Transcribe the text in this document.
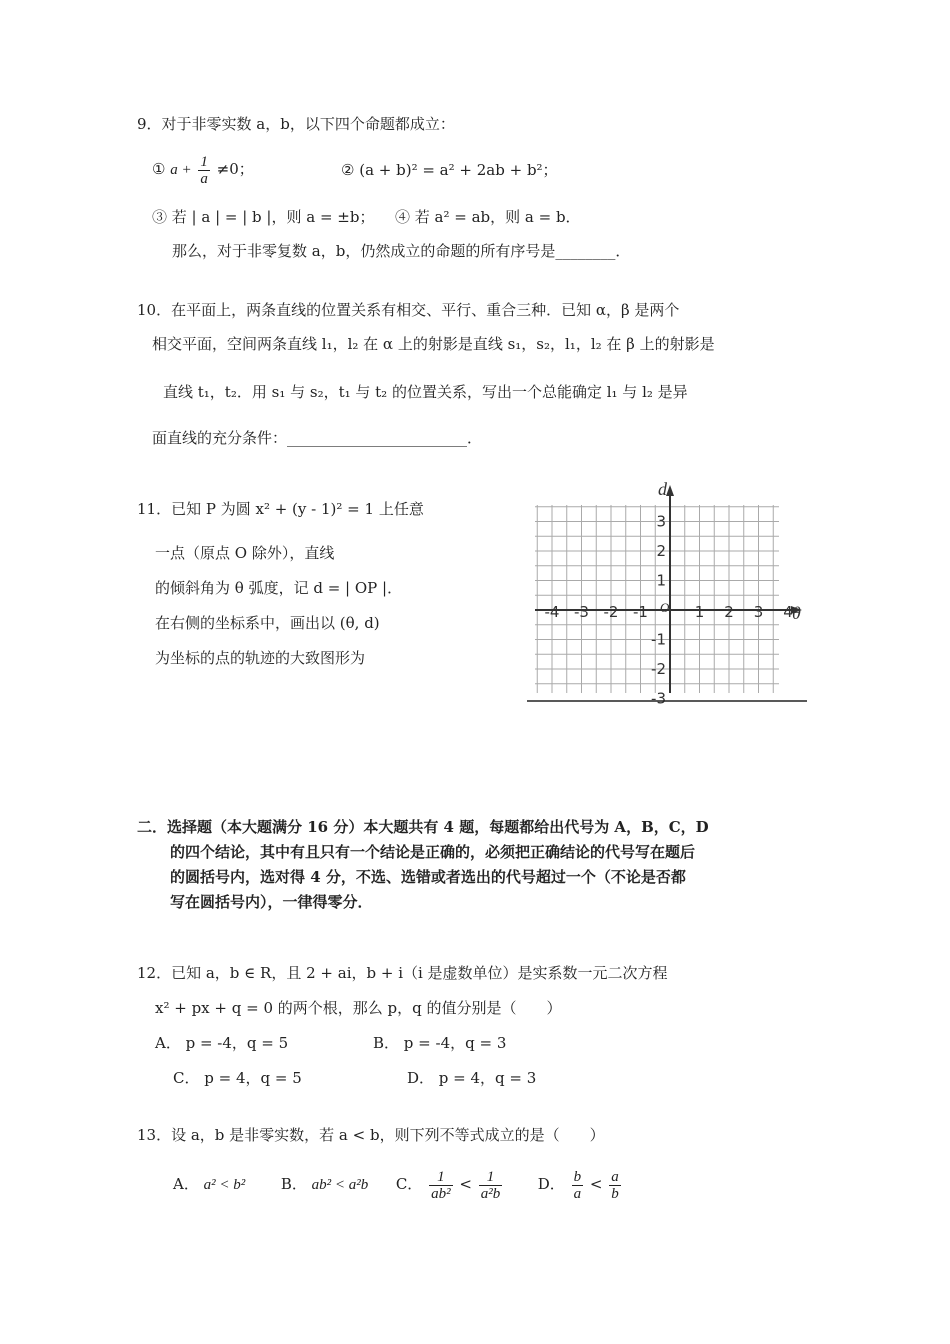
9．对于非零实数 a，b，以下四个命题都成立：
① $a + \frac{1}{a} \ne 0$；	② (a + b)² = a² + 2ab + b²；
③ 若 | a | = | b |，则 a = ±b； ④ 若 a² = ab，则 a = b．
那么，对于非零复数 a，b，仍然成立的命题的所有序号是________．
10．在平面上，两条直线的位置关系有相交、平行、重合三种．已知 α，β 是两个
相交平面，空间两条直线 l₁，l₂ 在 α 上的射影是直线 s₁，s₂，l₁，l₂ 在 β 上的射影是
直线 t₁，t₂．用 s₁ 与 s₂，t₁ 与 t₂ 的位置关系，写出一个总能确定 l₁ 与 l₂ 是异
面直线的充分条件：________________________．
11．已知 P 为圆 x² + (y - 1)² = 1 上任意
一点（原点 O 除外），直线
的倾斜角为 θ 弧度，记 d = | OP |．
在右侧的坐标系中，画出以 (θ, d)
为坐标的点的轨迹的大致图形为
θ
d
O
-4 -3 -2 -1	1 2 3 4
3
2
1
-1
-2
-3
二．选择题（本大题满分 16 分）本大题共有 4 题，每题都给出代号为 A，B，C，D
的四个结论，其中有且只有一个结论是正确的，必须把正确结论的代号写在题后
的圆括号内，选对得 4 分，不选、选错或者选出的代号超过一个（不论是否都
写在圆括号内），一律得零分．
12．已知 a，b ∈ R，且 2 + ai，b + i（i 是虚数单位）是实系数一元二次方程
x² + px + q = 0 的两个根，那么 p，q 的值分别是（　　）
A． p = -4，q = 5	B． p = -4，q = 3
C． p = 4，q = 5	D． p = 4，q = 3
13．设 a，b 是非零实数，若 a < b，则下列不等式成立的是（　　）
A． a² < b² B． ab² < a²b C． $\frac{1}{\text{ab²}} < \frac{1}{\text{a²b}}$ D． $\frac{b}{a} < \frac{a}{b}$
